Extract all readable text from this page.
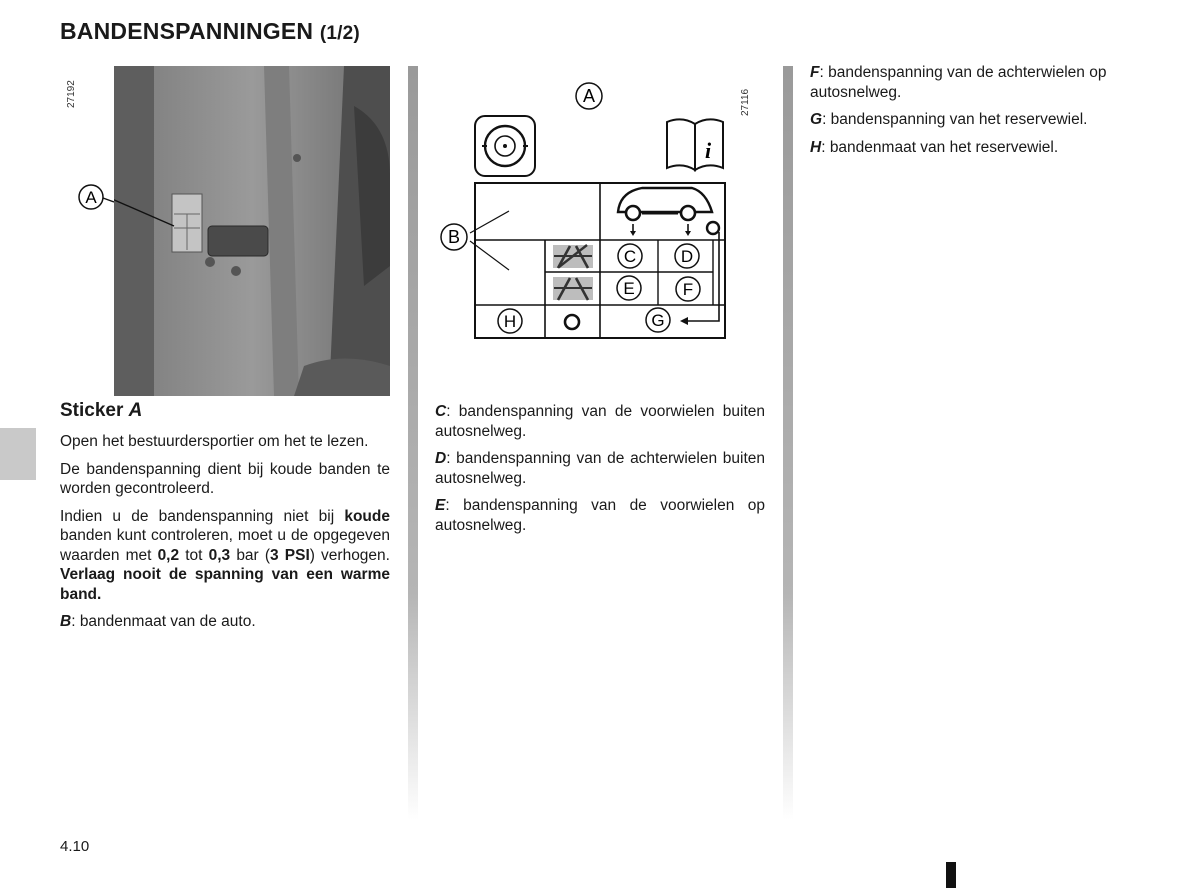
BANDENSPANNINGEN (1/2)
27192	27116
A
A
i
B
C	D
E	F
H	G
Sticker A

Open het bestuurdersportier om het te lezen.

De bandenspanning dient bij koude banden te worden gecontroleerd.

Indien u de bandenspanning niet bij koude banden kunt controleren, moet u de opgegeven waarden met 0,2 tot 0,3 bar (3 PSI) verhogen. Verlaag nooit de spanning van een warme band.

B: bandenmaat van de auto.

C: bandenspanning van de voorwielen buiten autosnelweg.

D: bandenspanning van de achterwielen buiten autosnelweg.

E: bandenspanning van de voorwielen op autosnelweg.

F: bandenspanning van de achterwielen op autosnelweg.

G: bandenspanning van het reservewiel.

H: bandenmaat van het reservewiel.

4.10
